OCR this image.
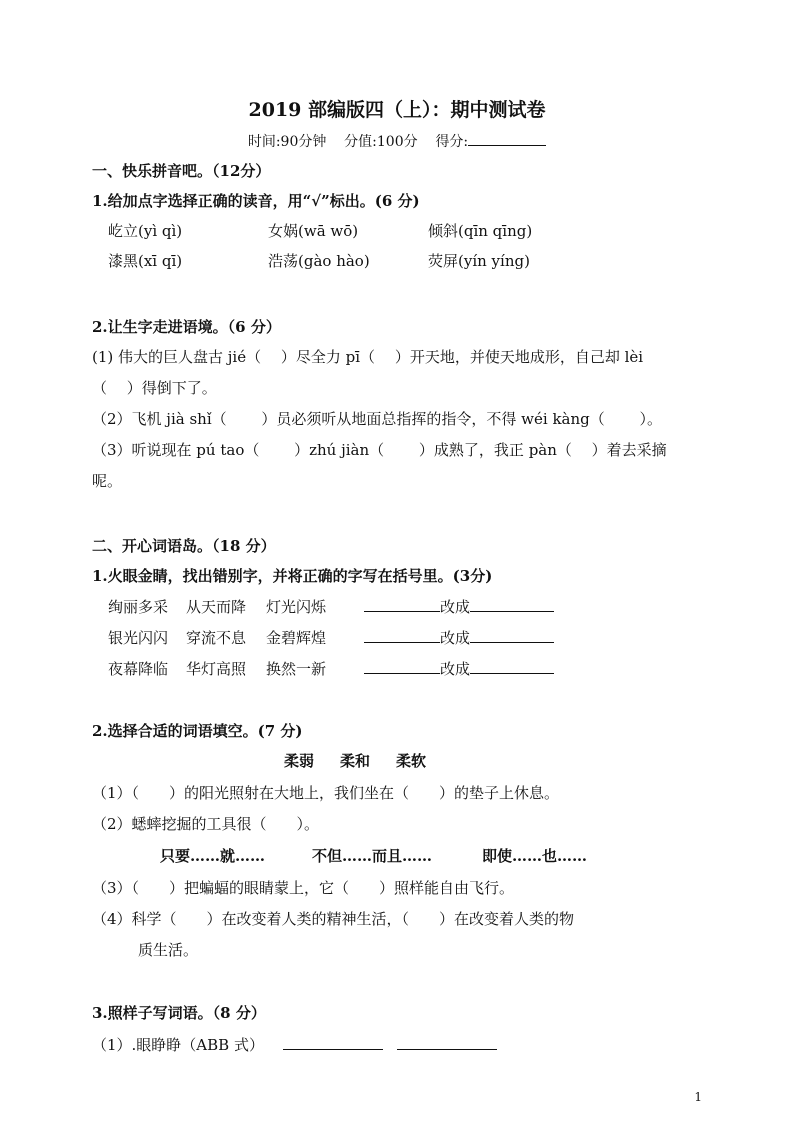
2019 部编版四（上）：期中测试卷
时间:90分钟 分值:100分 得分:
一、快乐拼音吧。（12分）
1.给加点字选择正确的读音，用“√”标出。(6 分)
屹立(yì qì)	女娲(wā wō)	倾斜(qīn qīng)
漆黑(xī qī)	浩荡(gào hào)	荧屏(yín yíng)
2.让生字走进语境。（6 分）
(1) 伟大的巨人盘古 jié（　 ）尽全力 pī（　 ）开天地，并使天地成形，自己却 lèi
（　 ）得倒下了。
（2）飞机 jià shǐ（　　 ）员必须听从地面总指挥的指令，不得 wéi kàng（　　 ）。
（3）听说现在 pú tao（　　 ）zhú jiàn（　　 ）成熟了，我正 pàn（　 ）着去采摘
呢。
二、开心词语岛。（18 分）
1.火眼金睛，找出错别字，并将正确的字写在括号里。(3分)
绚丽多采 从天而降 灯光闪烁	改成
银光闪闪 穿流不息 金碧辉煌	改成
夜幕降临 华灯高照 换然一新	改成
2.选择合适的词语填空。(7 分)
柔弱 柔和 柔软
（1）（　　）的阳光照射在大地上，我们坐在（　　）的垫子上休息。
（2）蟋蟀挖掘的工具很（　　）。
只要……就……	不但……而且……	即使……也……
（3）（　　）把蝙蝠的眼睛蒙上，它（　　）照样能自由飞行。
（4）科学（　　）在改变着人类的精神生活，（　　）在改变着人类的物
质生活。
3.照样子写词语。（8 分）
（1）.眼睁睁（ABB 式）
1
